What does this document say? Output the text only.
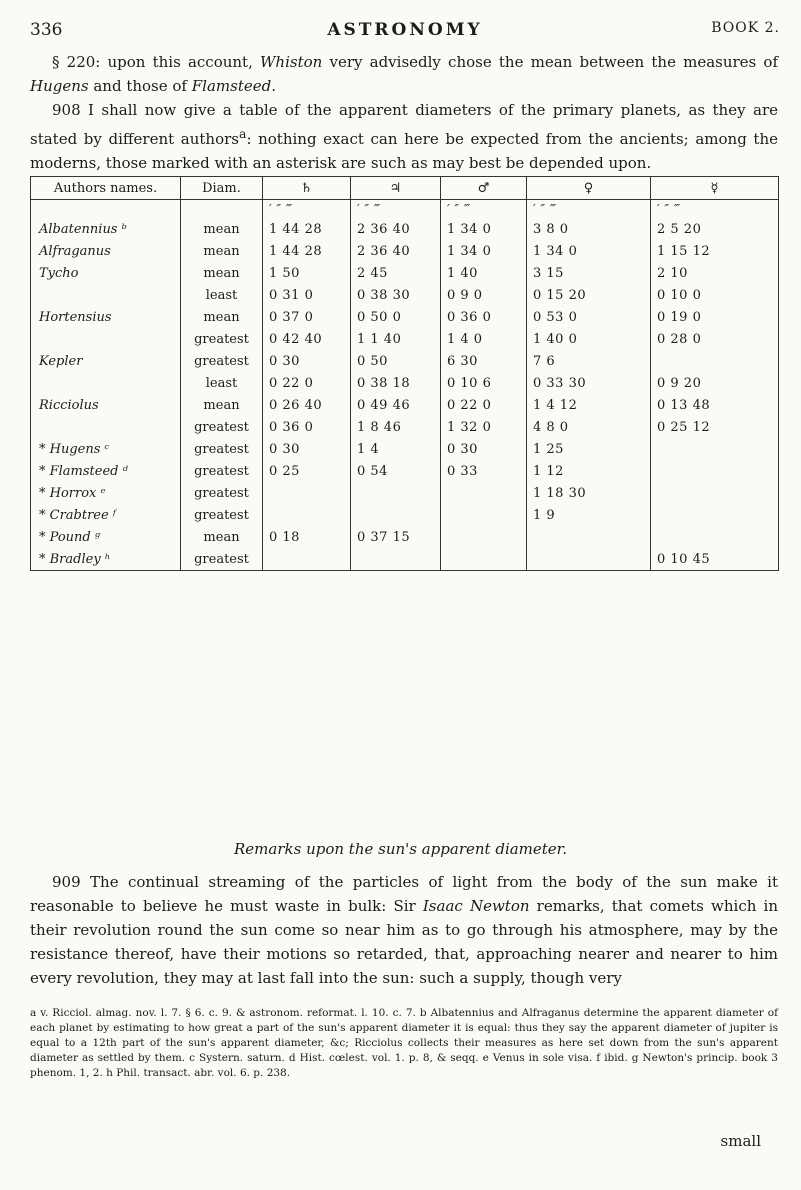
336	ASTRONOMY	BOOK 2.

§ 220: upon this account, Whiston very advisedly chose the mean between the measures of Hugens and those of Flamsteed.

908 I shall now give a table of the apparent diameters of the primary planets, as they are stated by different authors$^a$: nothing exact can here be expected from the ancients; among the moderns, those marked with an asterisk are such as may best be depended upon.

Authors names.	Diam.	♄	♃	♂	♀	☿
		′ ″ ‴	′ ″ ‴	′ ″ ‴	′ ″ ‴	′ ″ ‴
Albatennius ᵇ	mean	1 44 28	2 36 40	1 34 0	3 8 0	2 5 20
Alfraganus	mean	1 44 28	2 36 40	1 34 0	1 34 0	1 15 12
Tycho	mean	1 50	2 45	1 40	3 15	2 10
	least	0 31 0	0 38 30	0 9 0	0 15 20	0 10 0
Hortensius	mean	0 37 0	0 50 0	0 36 0	0 53 0	0 19 0
	greatest	0 42 40	1 1 40	1 4 0	1 40 0	0 28 0
Kepler	greatest	0 30	0 50	6 30	7 6	
	least	0 22 0	0 38 18	0 10 6	0 33 30	0 9 20
Ricciolus	mean	0 26 40	0 49 46	0 22 0	1 4 12	0 13 48
	greatest	0 36 0	1 8 46	1 32 0	4 8 0	0 25 12
* Hugens ᶜ	greatest	0 30	1 4	0 30	1 25	
* Flamsteed ᵈ	greatest	0 25	0 54	0 33	1 12	
* Horrox ᵉ	greatest				1 18 30	
* Crabtree ᶠ	greatest				1 9	
* Pound ᵍ	mean	0 18	0 37 15			
* Bradley ʰ	greatest					0 10 45
Remarks upon the sun's apparent diameter.

909 The continual streaming of the particles of light from the body of the sun make it reasonable to believe he must waste in bulk: Sir Isaac Newton remarks, that comets which in their revolution round the sun come so near him as to go through his atmosphere, may by the resistance thereof, have their motions so retarded, that, approaching nearer and nearer to him every revolution, they may at last fall into the sun: such a supply, though very

a v. Ricciol. almag. nov. l. 7. § 6. c. 9. & astronom. reformat. l. 10. c. 7. b Albatennius and Alfraganus determine the apparent diameter of each planet by estimating to how great a part of the sun's apparent diameter it is equal: thus they say the apparent diameter of jupiter is equal to a 12th part of the sun's apparent diameter, &c; Ricciolus collects their measures as here set down from the sun's apparent diameter as settled by them. c Systern. saturn. d Hist. cœlest. vol. 1. p. 8, & seqq. e Venus in sole visa. f ibid. g Newton's princip. book 3 phenom. 1, 2. h Phil. transact. abr. vol. 6. p. 238.
small
